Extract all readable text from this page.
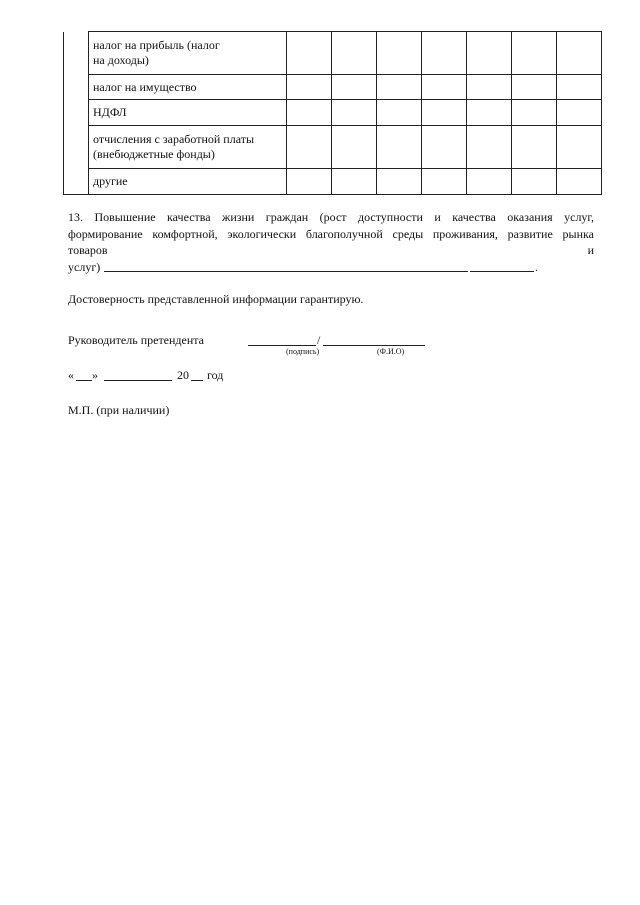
	налог на прибыль (налог
на доходы)							
	налог на имущество							
	НДФЛ							
	отчисления с заработной платы
(внебюджетные фонды)							
	другие							
13. Повышение качества жизни граждан (рост доступности и качества оказания услуг,
формирование комфортной, экологически благополучной среды проживания, развитие рынка
товаров	и
услуг)	.
Достоверность представленной информации гарантирую.
Руководитель претендента	/
(подпись)	(Ф.И.О)
« »	20 год
М.П. (при наличии)
